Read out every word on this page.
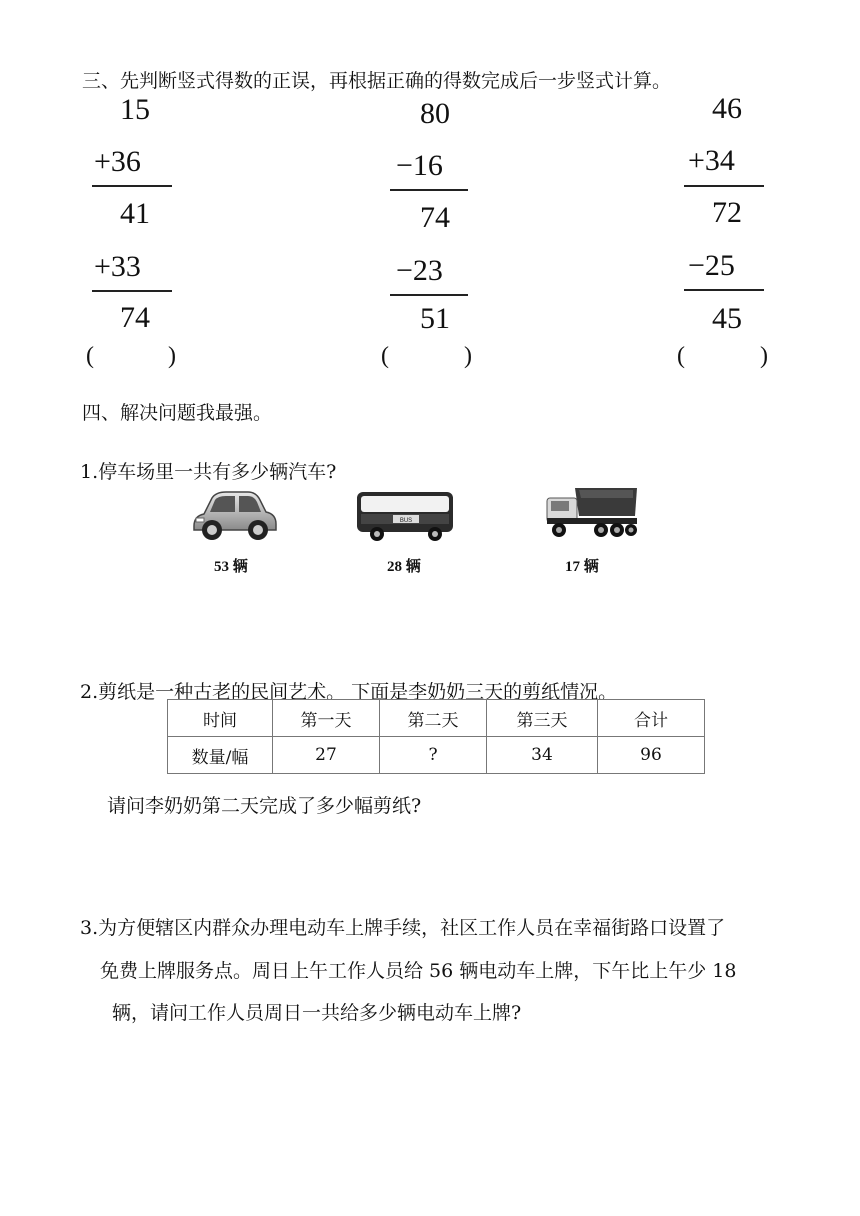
三、先判断竖式得数的正误，再根据正确的得数完成后一步竖式计算。
15
+36
41
+33
74
(	)
80
−16
74
−23
51
(	)
46
+34
72
−25
45
(	)
四、解决问题我最强。
1.停车场里一共有多少辆汽车?
53 辆
BUS
28 辆	17 辆
2.剪纸是一种古老的民间艺术。 下面是李奶奶三天的剪纸情况。
时间	第一天	第二天	第三天	合计
数量/幅	27	?	34	96
请问李奶奶第二天完成了多少幅剪纸?
3.为方便辖区内群众办理电动车上牌手续，社区工作人员在幸福街路口设置了
免费上牌服务点。周日上午工作人员给 56 辆电动车上牌，下午比上午少 18
辆，请问工作人员周日一共给多少辆电动车上牌?
